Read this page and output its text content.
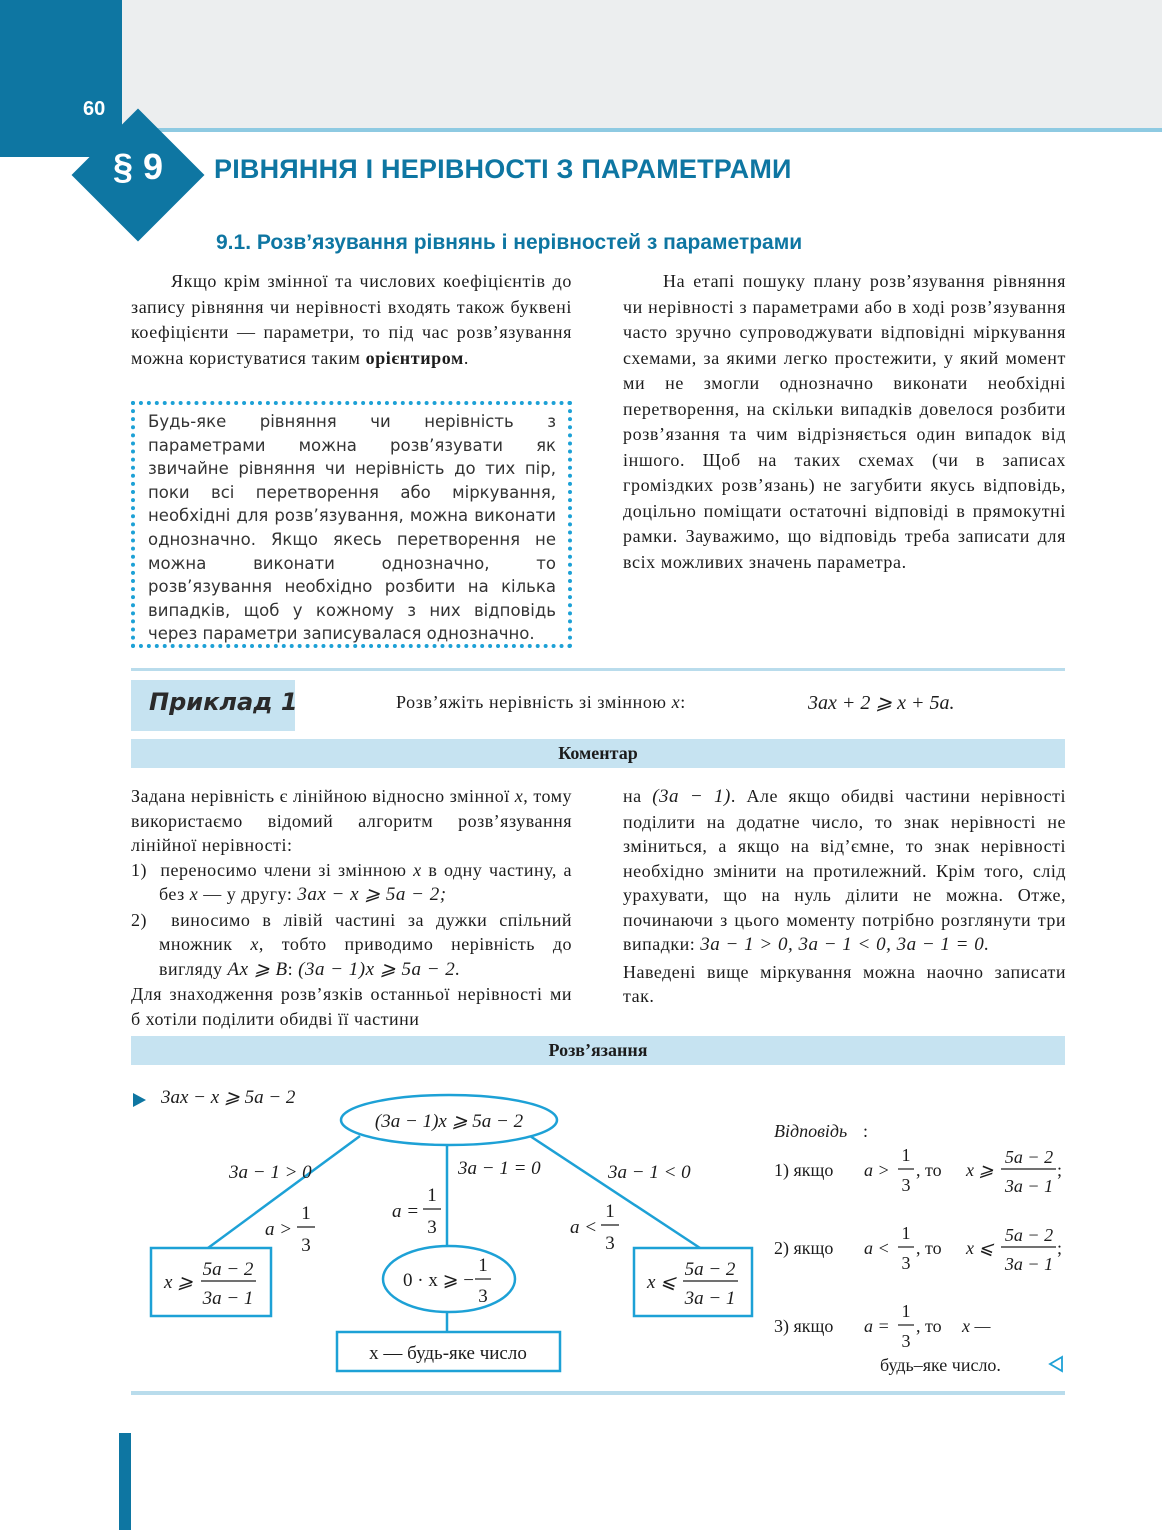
60
§ 9	РІВНЯННЯ І НЕРІВНОСТІ З ПАРАМЕТРАМИ
9.1. Розв’язування рівнянь і нерівностей з параметрами
Якщо крім змінної та числових коефіцієнтів до запису рівняння чи нерівності входять також буквені коефіцієнти — параметри, то під час розв’язування можна користуватися таким орієнтиром.
Будь-яке рівняння чи нерівність з параметрами можна розв’язувати як звичайне рівняння чи нерівність до тих пір, поки всі перетворення або міркування, необхідні для розв’язування, можна виконати однозначно. Якщо якесь перетворення не можна виконати однозначно, то розв’язування необхідно розбити на кілька випадків, щоб у кожному з них відповідь через параметри записувалася однозначно.
На етапі пошуку плану розв’язування рівняння чи нерівності з параметрами або в ході розв’язування часто зручно супроводжувати відповідні міркування схемами, за якими легко простежити, у який момент ми не змогли однозначно виконати необхідні перетворення, на скільки випадків довелося розбити розв’язання та чим відрізняється один випадок від іншого. Щоб на таких схемах (чи в записах громіздких розв’язань) не загубити якусь відповідь, доцільно поміщати остаточні відповіді в прямокутні рамки. Зауважимо, що відповідь треба записати для всіх можливих значень параметра.
Приклад 1	Розв’яжіть нерівність зі змінною x:	3ax + 2 ⩾ x + 5a.
Коментар
Задана нерівність є лінійною відносно змінної x, тому використаємо відомий алгоритм розв’язування лінійної нерівності:
1) переносимо члени зі змінною x в одну частину, а без x — у другу: 3ax − x ⩾ 5a − 2;
2) виносимо в лівій частині за дужки спільний множник x, тобто приводимо нерівність до вигляду Ax ⩾ B: (3a − 1)x ⩾ 5a − 2.
Для знаходження розв’язків останньої нерівності ми б хотіли поділити обидві її частини
на (3a − 1). Але якщо обидві частини нерівності поділити на додатне число, то знак нерівності не зміниться, а якщо на від’ємне, то знак нерівності необхідно змінити на протилежний. Крім того, слід урахувати, що на нуль ділити не можна. Отже, починаючи з цього моменту потрібно розглянути три випадки: 3a − 1 > 0, 3a − 1 < 0, 3a − 1 = 0.
Наведені вище міркування можна наочно записати так.
Розв’язання
3ax − x ⩾ 5a − 2
(3a − 1)x ⩾ 5a − 2
3a − 1 > 0	3a − 1 = 0	3a − 1 < 0
a >
1
3
a =
1
3	a <
1
3
x ⩾
5a − 2
3a − 1
0 · x ⩾ −
1
3
x — будь-яке число
x ⩽
5a − 2
3a − 1
Відповідь :
1) якщо a >
1
3
, то x ⩾
5a − 2
3a − 1
;
2) якщо a <
1
3
, то x ⩽
5a − 2
3a − 1
;
3) якщо a =
1
3
, то x —
будь–яке число.
